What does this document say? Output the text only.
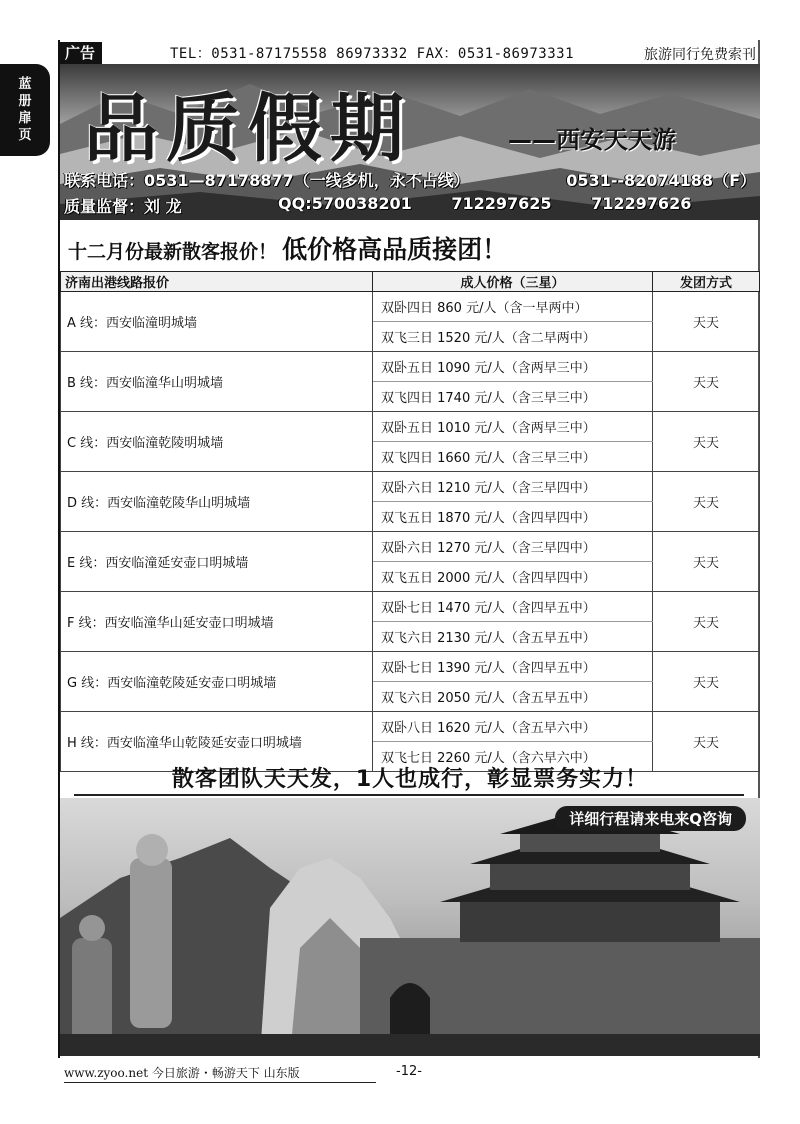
蓝
册
扉
页
广告	TEL：0531-87175558 86973332 FAX：0531-86973331	旅游同行免费索刊
品质假期	——西安天天游
联系电话：0531—87178877（一线多机，永不占线）	0531--82074188（F）
质量监督：刘 龙	QQ:570038201 712297625 712297626
十二月份最新散客报价！ 低价格高品质接团！
济南出港线路报价	成人价格（三星）	发团方式
A 线：西安临潼明城墙	双卧四日 860 元/人（含一早两中）	天天
	双飞三日 1520 元/人（含二早两中）	
B 线：西安临潼华山明城墙	双卧五日 1090 元/人（含两早三中）	天天
	双飞四日 1740 元/人（含三早三中）	
C 线：西安临潼乾陵明城墙	双卧五日 1010 元/人（含两早三中）	天天
	双飞四日 1660 元/人（含三早三中）	
D 线：西安临潼乾陵华山明城墙	双卧六日 1210 元/人（含三早四中）	天天
	双飞五日 1870 元/人（含四早四中）	
E 线：西安临潼延安壶口明城墙	双卧六日 1270 元/人（含三早四中）	天天
	双飞五日 2000 元/人（含四早四中）	
F 线：西安临潼华山延安壶口明城墙	双卧七日 1470 元/人（含四早五中）	天天
	双飞六日 2130 元/人（含五早五中）	
G 线：西安临潼乾陵延安壶口明城墙	双卧七日 1390 元/人（含四早五中）	天天
	双飞六日 2050 元/人（含五早五中）	
H 线：西安临潼华山乾陵延安壶口明城墙	双卧八日 1620 元/人（含五早六中）	天天
	双飞七日 2260 元/人（含六早六中）	
散客团队天天发，1人也成行，彰显票务实力！
详细行程请来电来Q咨询
www.zyoo.net 今日旅游・畅游天下 山东版	-12-
